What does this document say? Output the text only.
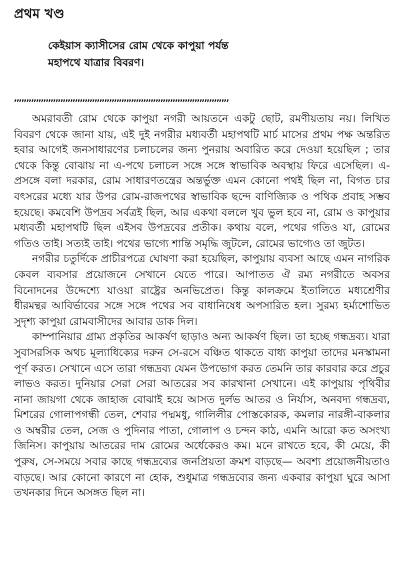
প্রথম খণ্ড
কেইয়াস ক্যাসীসের রোম থেকে কাপুয়া পর্যন্ত
মহাপথে যাত্রার বিবরণ।
,,,,,,,,,,,,,,,,,,,,,,,,,,,,,,,,,,,,,,,,,,,,,,,,,,,,,,,,,,,,,,,,,,,,,,,,,,,,,,,,,,,,,,,,

অমরাবতী রোম থেকে কাপুয়া নগরী আয়তনে একটু ছোট, রমণীয়তায় নয়। লিখিত বিবরণ থেকে জানা যায়, এই দুই নগরীর মধ্যবর্তী মহাপথটি মার্চ মাসের প্রথম পক্ষ অন্তরিত হবার আগেই জনসাধারণের চলাচলের জন্য পুনরায় অবারিত করে দেওয়া হয়েছিল ; তার থেকে কিন্তু বোঝায় না এ-পথে চলাচল সঙ্গে সঙ্গে স্বাভাবিক অবস্থায় ফিরে এসেছিল। এ-প্রসঙ্গে বলা দরকার, রোম সাধারণতন্ত্রের অন্তর্ভুক্ত এমন কোনো পথই ছিল না, বিগত চার বৎসরের মধ্যে যার উপর রোম-রাজপথের স্বাভাবিক ছন্দে বাণিজ্যিক ও পথিক প্রবাহ সম্ভব হয়েছে। কমবেশি উপদ্রব সর্বত্রই ছিল, আর একথা বললে খুব ভুল হবে না, রোম ও কাপুয়ার মধ্যবর্তী মহাপথটি ছিল এইসব উপদ্রবের প্রতীক। কথায় বলে, পথের গতিও যা, রোমের গতিও তাই। সত্যই তাই। পথের ভাগ্যে শান্তি সমৃদ্ধি জুটলে, রোমের ভাগ্যেও তা জুটত।

নগরীর চতুর্দিকে প্রাচীরপত্রে ঘোষণা করা হয়েছিল, কাপুয়ায় ব্যবসা আছে এমন নাগরিক কেবল ব্যবসার প্রয়োজনে সেখানে যেতে পারে। আপাতত ঐ রম্য নগরীতে অবসর বিনোদনের উদ্দেশ্যে যাওয়া রাষ্ট্রের অনভিপ্রেত। কিন্তু কালক্রমে ইতালিতে মধ্যশ্রেণীর ধীরমন্থর আবির্ভাবের সঙ্গে সঙ্গে পথের সব বাধানিষেধ অপসারিত হল। সুরম্য হর্ম্যশোভিত সুদৃশ্য কাপুয়া রোমবাসীদের আবার ডাক দিল।

কাম্পানিয়ার গ্রাম্য প্রকৃতির আকর্ষণ ছাড়াও অন্য আকর্ষণ ছিল। তা হচ্ছে গন্ধদ্রব্য। যারা সুবাসরসিক অথচ মূল্যাধিক্যের দরুন সে-রসে বঞ্চিত থাকতে বাধ্য কাপুয়া তাদের মনস্কামনা পূর্ণ করত। সেখানে এসে তারা গন্ধদ্রব্য যেমন উপভোগ করত তেমনি তার কারবার করে প্রচুর লাভও করত। দুনিয়ার সেরা সেরা আতরের সব কারখানা সেখানে। এই কাপুয়ায় পৃথিবীর নানা জায়গা থেকে জাহাজ বোঝাই হয়ে আসত দুর্লভ আতর ও নির্যাস, অনবদ্য গন্ধদ্রব্য, মিশরের গোলাপগন্ধী তেল, শেবার পদ্মমধু, গালিলীর পোস্তকোরক, কমলার নারঙ্গী-বাকলার ও অম্বরীর তেল, সেজ ও পুদিনার পাতা, গোলাপ ও চন্দন কাঠ, এমনি আরো কত অসংখ্য জিনিস। কাপুয়ায় আতরের দাম রোমের অর্ধেকেরও কম। মনে রাখতে হবে, কী মেয়ে, কী পুরুষ, সে-সময়ে সবার কাছে গন্ধদ্রব্যের জনপ্রিয়তা ক্রমশ বাড়ছে— অবশ্য প্রয়োজনীয়তাও বাড়ছে। আর কোনো কারণে না হোক, শুধুমাত্র গন্ধদ্রব্যের জন্য একবার কাপুয়া ঘুরে আসা তখনকার দিনে অসঙ্গত ছিল না।
